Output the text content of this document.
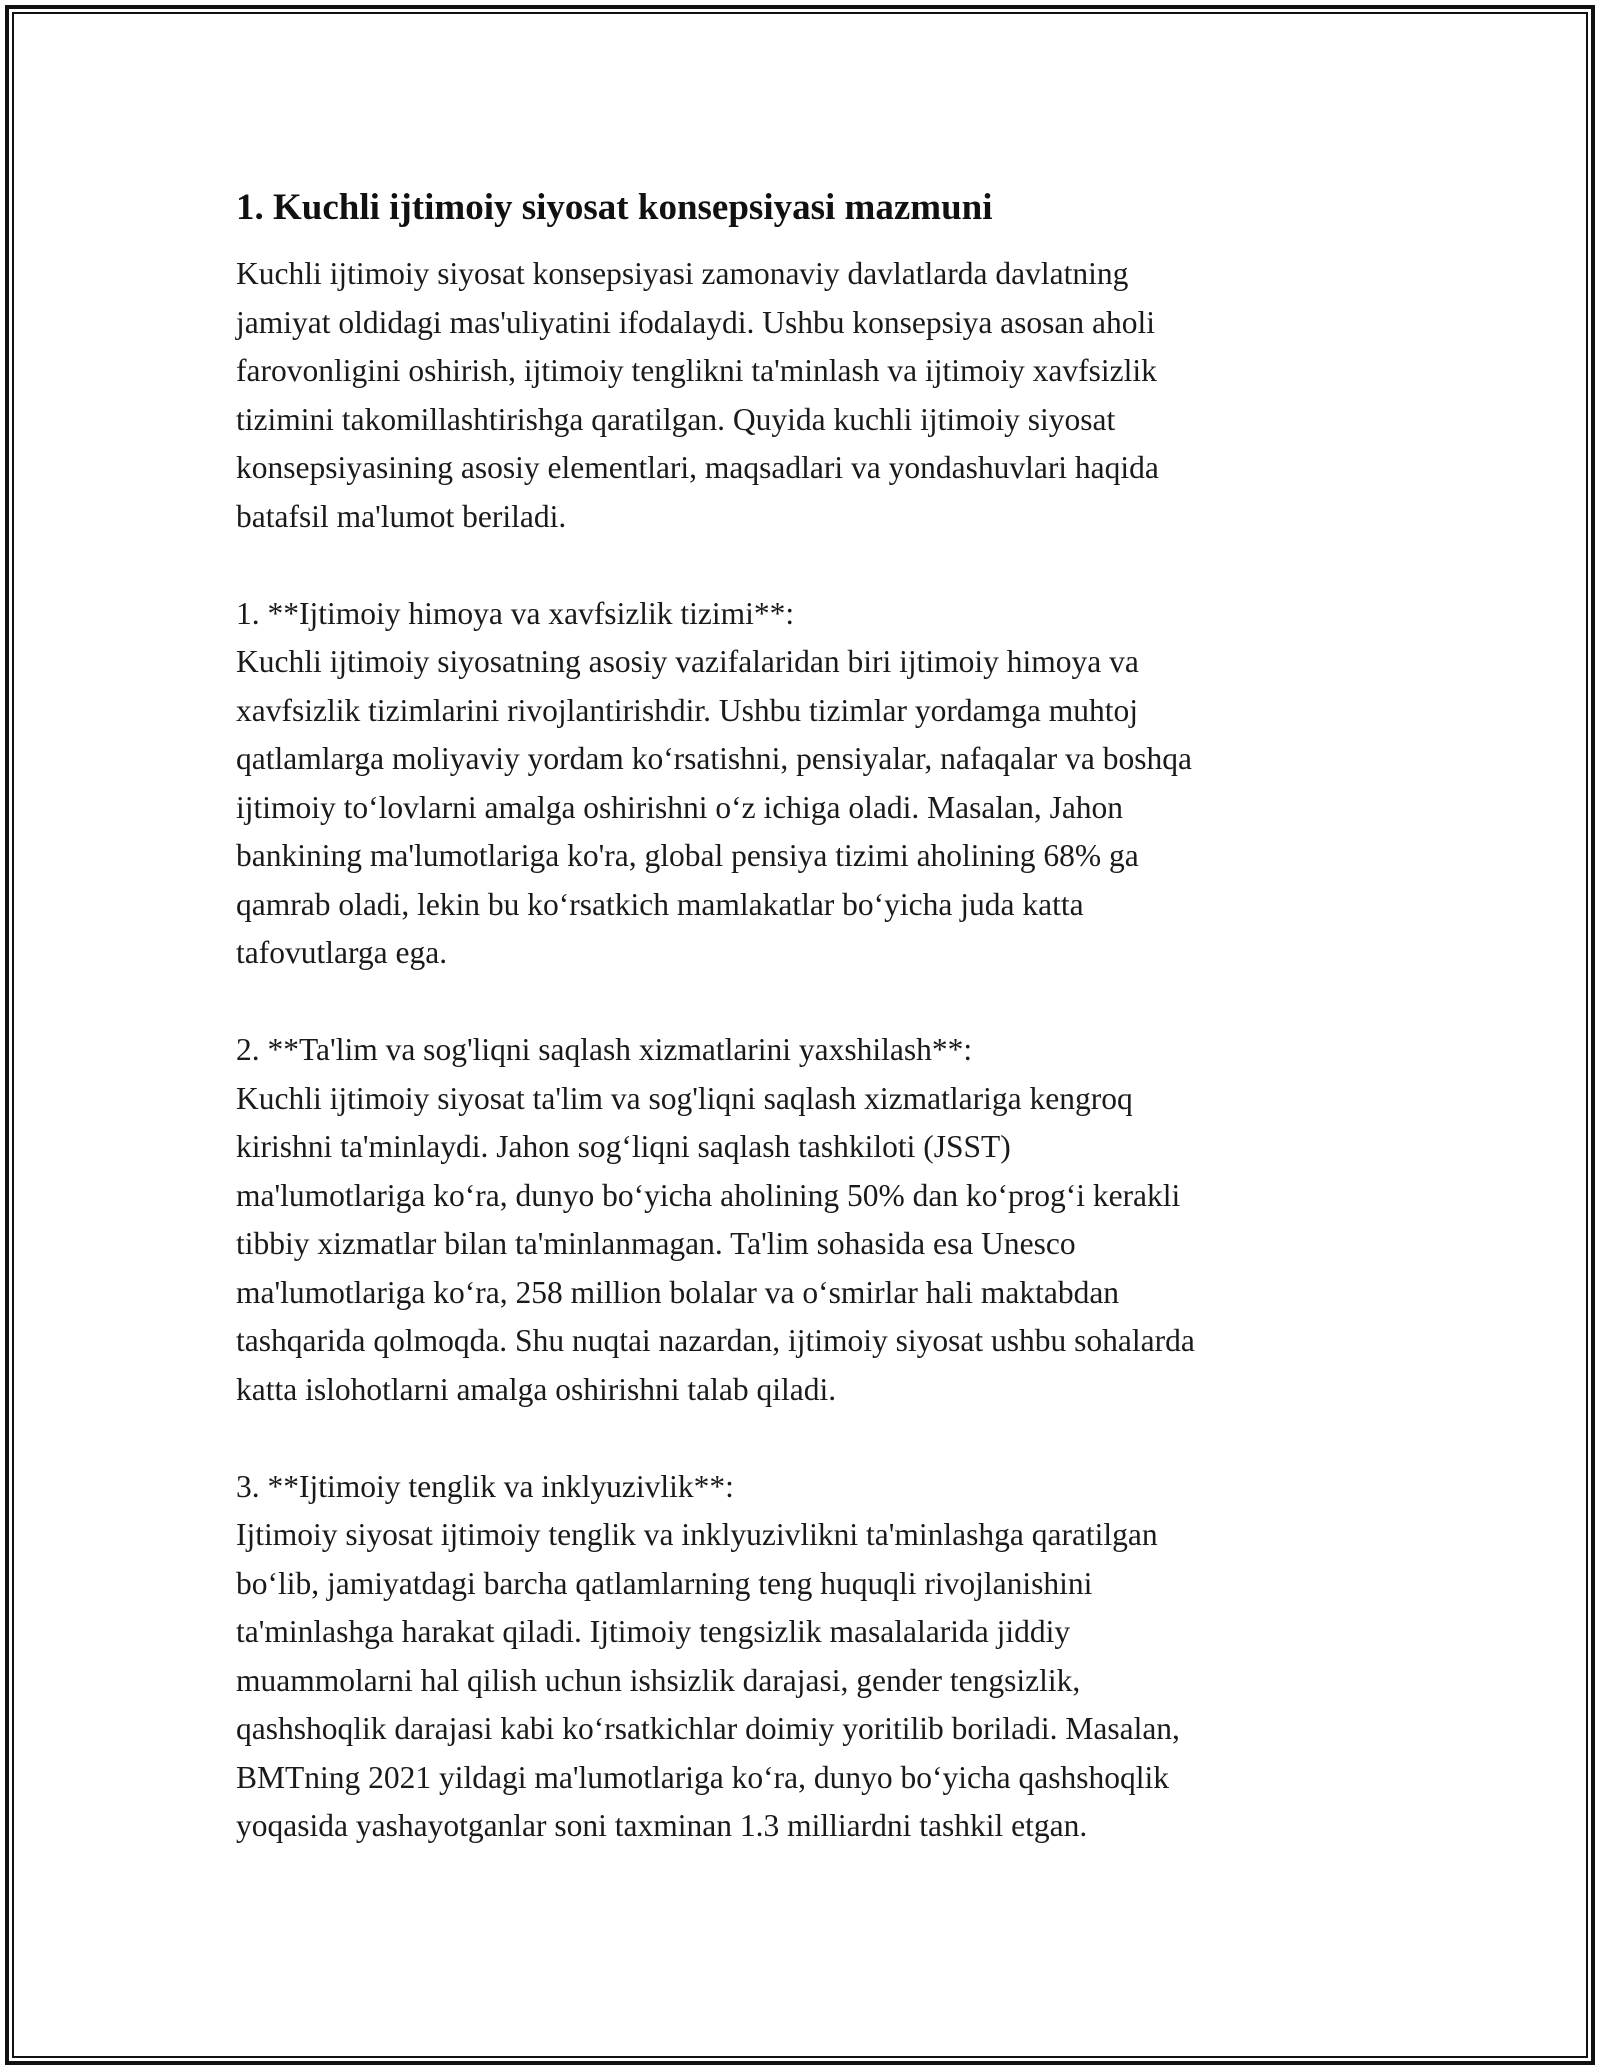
1. Kuchli ijtimoiy siyosat konsepsiyasi mazmuni

Kuchli ijtimoiy siyosat konsepsiyasi zamonaviy davlatlarda davlatning
jamiyat oldidagi mas'uliyatini ifodalaydi. Ushbu konsepsiya asosan aholi
farovonligini oshirish, ijtimoiy tenglikni ta'minlash va ijtimoiy xavfsizlik
tizimini takomillashtirishga qaratilgan. Quyida kuchli ijtimoiy siyosat
konsepsiyasining asosiy elementlari, maqsadlari va yondashuvlari haqida
batafsil ma'lumot beriladi.

1. **Ijtimoiy himoya va xavfsizlik tizimi**:

Kuchli ijtimoiy siyosatning asosiy vazifalaridan biri ijtimoiy himoya va
xavfsizlik tizimlarini rivojlantirishdir. Ushbu tizimlar yordamga muhtoj
qatlamlarga moliyaviy yordam ko‘rsatishni, pensiyalar, nafaqalar va boshqa
ijtimoiy to‘lovlarni amalga oshirishni o‘z ichiga oladi. Masalan, Jahon
bankining ma'lumotlariga ko'ra, global pensiya tizimi aholining 68% ga
qamrab oladi, lekin bu ko‘rsatkich mamlakatlar bo‘yicha juda katta
tafovutlarga ega.

2. **Ta'lim va sog'liqni saqlash xizmatlarini yaxshilash**:

Kuchli ijtimoiy siyosat ta'lim va sog'liqni saqlash xizmatlariga kengroq
kirishni ta'minlaydi. Jahon sog‘liqni saqlash tashkiloti (JSST)
ma'lumotlariga ko‘ra, dunyo bo‘yicha aholining 50% dan ko‘prog‘i kerakli
tibbiy xizmatlar bilan ta'minlanmagan. Ta'lim sohasida esa Unesco
ma'lumotlariga ko‘ra, 258 million bolalar va o‘smirlar hali maktabdan
tashqarida qolmoqda. Shu nuqtai nazardan, ijtimoiy siyosat ushbu sohalarda
katta islohotlarni amalga oshirishni talab qiladi.

3. **Ijtimoiy tenglik va inklyuzivlik**:

Ijtimoiy siyosat ijtimoiy tenglik va inklyuzivlikni ta'minlashga qaratilgan
bo‘lib, jamiyatdagi barcha qatlamlarning teng huquqli rivojlanishini
ta'minlashga harakat qiladi. Ijtimoiy tengsizlik masalalarida jiddiy
muammolarni hal qilish uchun ishsizlik darajasi, gender tengsizlik,
qashshoqlik darajasi kabi ko‘rsatkichlar doimiy yoritilib boriladi. Masalan,
BMTning 2021 yildagi ma'lumotlariga ko‘ra, dunyo bo‘yicha qashshoqlik
yoqasida yashayotganlar soni taxminan 1.3 milliardni tashkil etgan.
